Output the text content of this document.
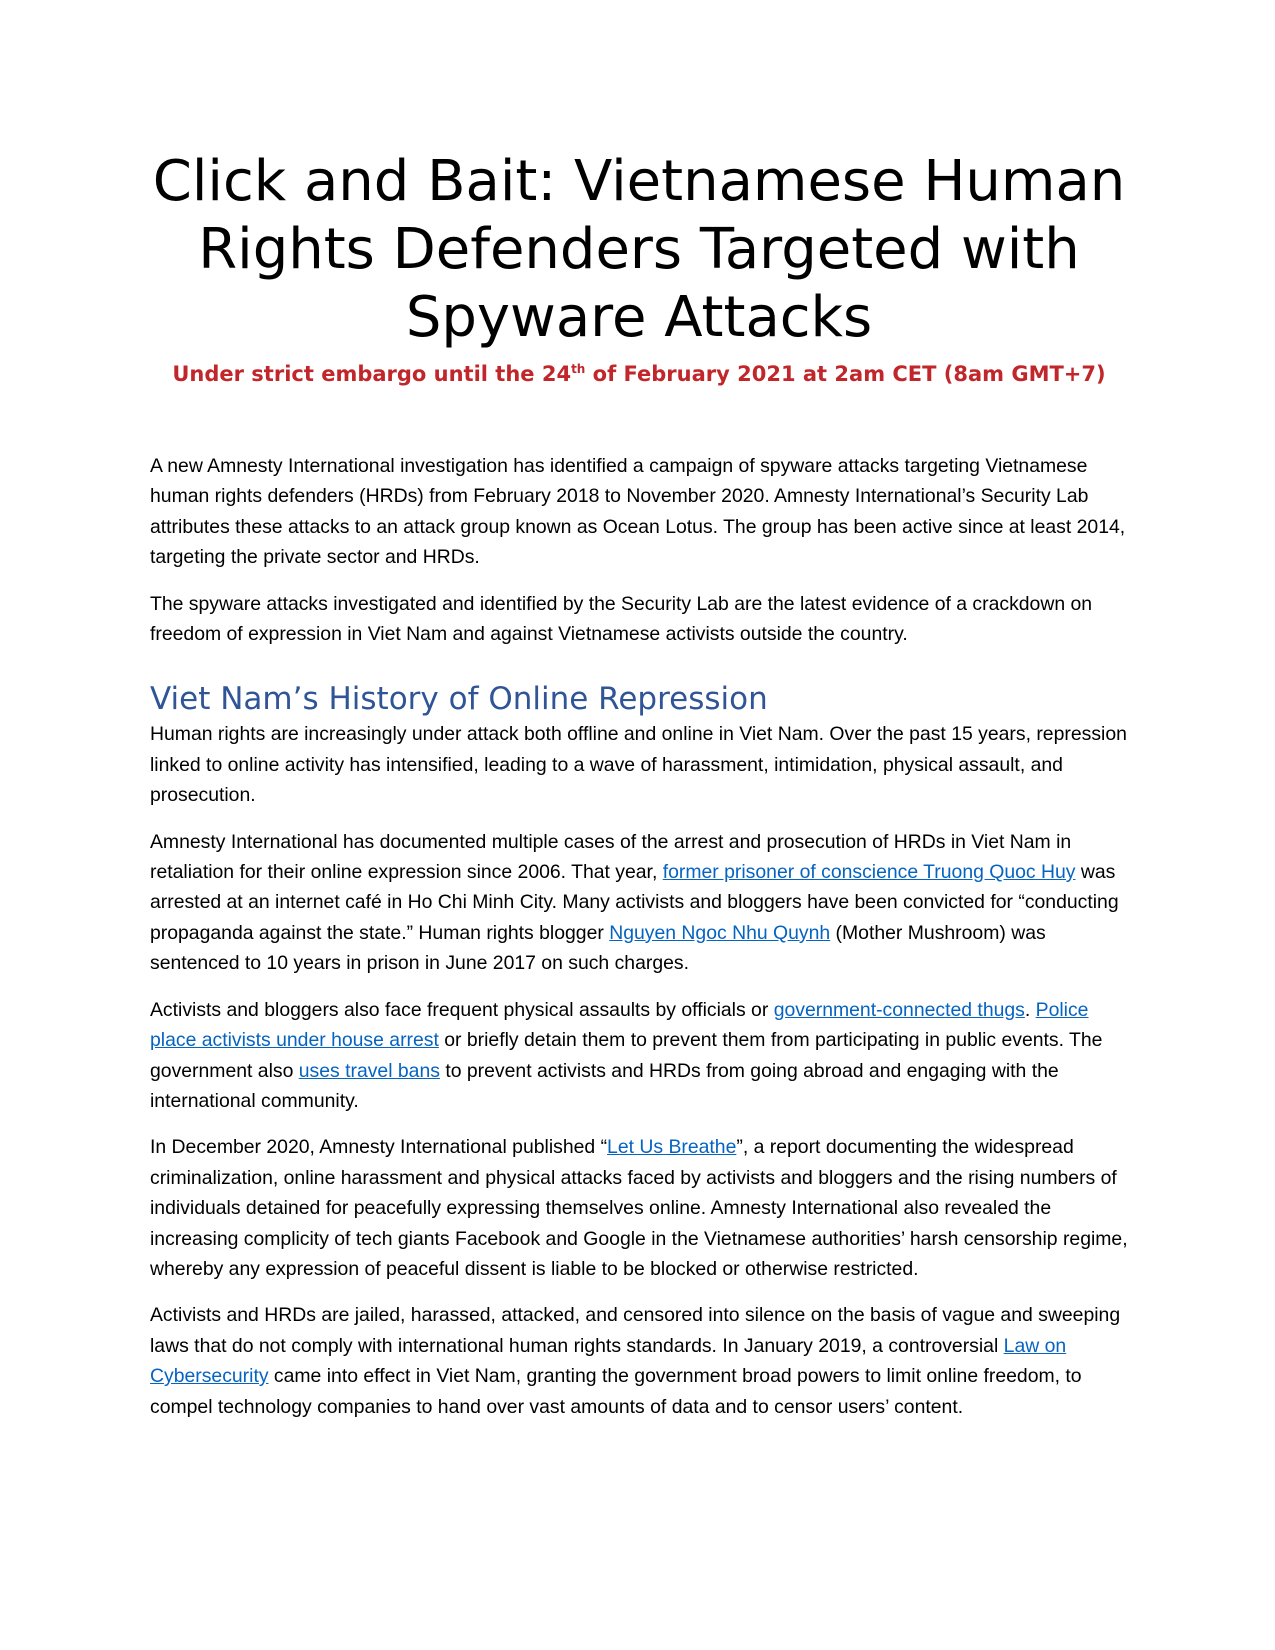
Click and Bait: Vietnamese Human Rights Defenders Targeted with Spyware Attacks

Under strict embargo until the 24th of February 2021 at 2am CET (8am GMT+7)

A new Amnesty International investigation has identified a campaign of spyware attacks targeting Vietnamese human rights defenders (HRDs) from February 2018 to November 2020. Amnesty International’s Security Lab attributes these attacks to an attack group known as Ocean Lotus. The group has been active since at least 2014, targeting the private sector and HRDs.

The spyware attacks investigated and identified by the Security Lab are the latest evidence of a crackdown on freedom of expression in Viet Nam and against Vietnamese activists outside the country.

Viet Nam’s History of Online Repression

Human rights are increasingly under attack both offline and online in Viet Nam. Over the past 15 years, repression linked to online activity has intensified, leading to a wave of harassment, intimidation, physical assault, and prosecution.

Amnesty International has documented multiple cases of the arrest and prosecution of HRDs in Viet Nam in retaliation for their online expression since 2006. That year, former prisoner of conscience Truong Quoc Huy was arrested at an internet café in Ho Chi Minh City. Many activists and bloggers have been convicted for “conducting propaganda against the state.” Human rights blogger Nguyen Ngoc Nhu Quynh (Mother Mushroom) was sentenced to 10 years in prison in June 2017 on such charges.

Activists and bloggers also face frequent physical assaults by officials or government-connected thugs. Police place activists under house arrest or briefly detain them to prevent them from participating in public events. The government also uses travel bans to prevent activists and HRDs from going abroad and engaging with the international community.

In December 2020, Amnesty International published “Let Us Breathe”, a report documenting the widespread criminalization, online harassment and physical attacks faced by activists and bloggers and the rising numbers of individuals detained for peacefully expressing themselves online. Amnesty International also revealed the increasing complicity of tech giants Facebook and Google in the Vietnamese authorities’ harsh censorship regime, whereby any expression of peaceful dissent is liable to be blocked or otherwise restricted.

Activists and HRDs are jailed, harassed, attacked, and censored into silence on the basis of vague and sweeping laws that do not comply with international human rights standards. In January 2019, a controversial Law on Cybersecurity came into effect in Viet Nam, granting the government broad powers to limit online freedom, to compel technology companies to hand over vast amounts of data and to censor users’ content.
